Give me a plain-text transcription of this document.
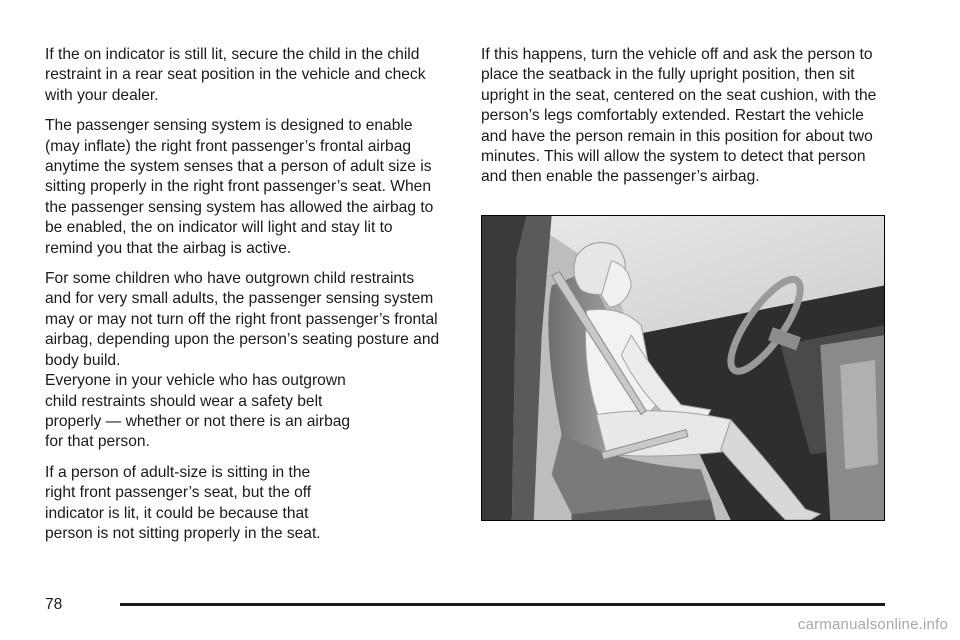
If the on indicator is still lit, secure the child in the child restraint in a rear seat position in the vehicle and check with your dealer.

The passenger sensing system is designed to enable (may inflate) the right front passenger’s frontal airbag anytime the system senses that a person of adult size is sitting properly in the right front passenger’s seat. When the passenger sensing system has allowed the airbag to be enabled, the on indicator will light and stay lit to remind you that the airbag is active.

For some children who have outgrown child restraints and for very small adults, the passenger sensing system may or may not turn off the right front passenger’s frontal airbag, depending upon the person’s seating posture and body build.
Everyone in your vehicle who has outgrown
child restraints should wear a safety belt
properly — whether or not there is an airbag
for that person.

If a person of adult-size is sitting in the
right front passenger’s seat, but the off
indicator is lit, it could be because that
person is not sitting properly in the seat.

If this happens, turn the vehicle off and ask the person to place the seatback in the fully upright position, then sit upright in the seat, centered on the seat cushion, with the person’s legs comfortably extended. Restart the vehicle and have the person remain in this position for about two minutes. This will allow the system to detect that person and then enable the passenger’s airbag.

78
carmanualsonline.info
